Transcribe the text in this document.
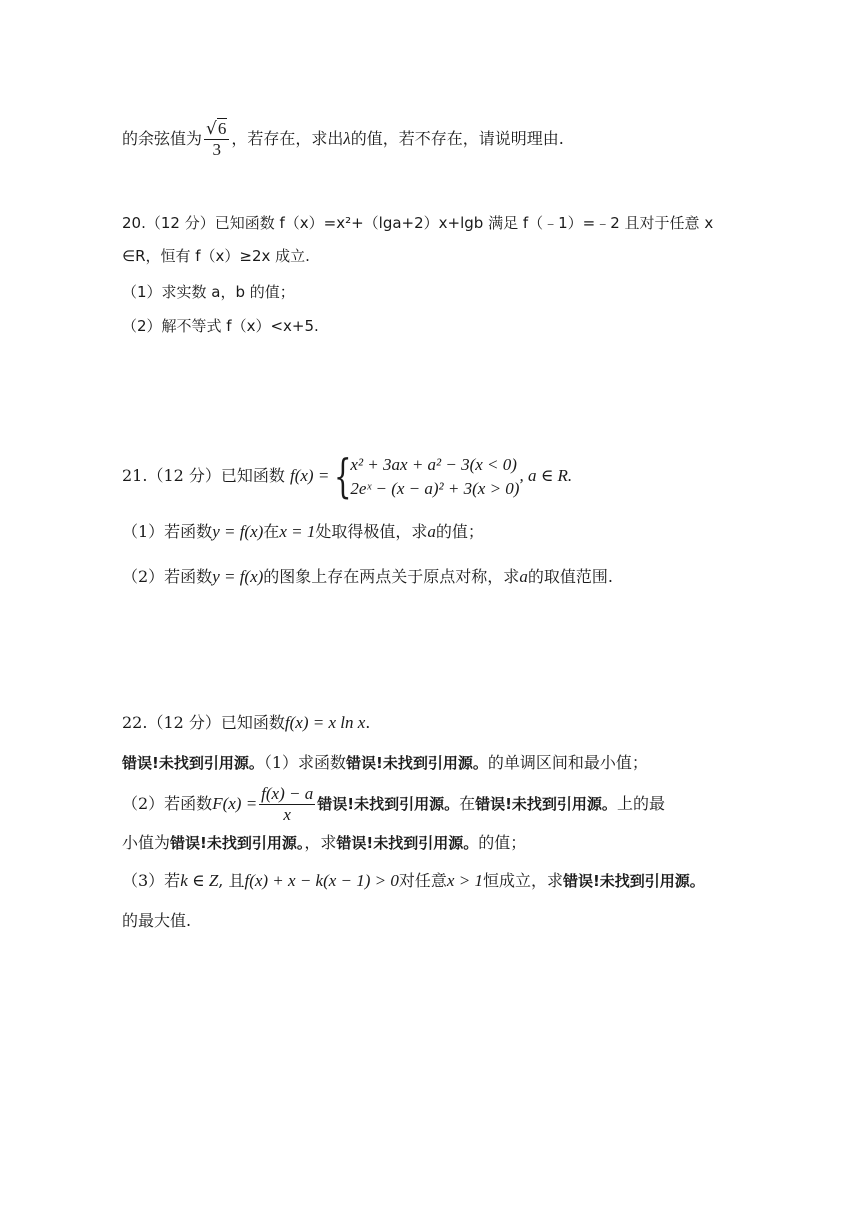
的余弦值为 $\frac{√6}{3}$ ，若存在，求出λ的值，若不存在，请说明理由.
20.（12 分）已知函数 f（x）=x²+（lga+2）x+lgb 满足 f（﹣1）=﹣2 且对于任意 x
∈R，恒有 f（x）≥2x 成立.
（1）求实数 a，b 的值；
（2）解不等式 f（x）<x+5.
21.（12 分）已知函数 f(x) = {
x² + 3ax + a² − 3(x < 0)
2eˣ − (x − a)² + 3(x > 0)
, a ∈ R.
（1）若函数y = f(x)在x = 1处取得极值，求a的值；
（2）若函数y = f(x)的图象上存在两点关于原点对称，求a的取值范围.
22.（12 分）已知函数f(x) = x ln x.
错误!未找到引用源。（1）求函数错误!未找到引用源。的单调区间和最小值；
（2）若函数$F(x) = \frac{f(x) - a}{x}$ 错误!未找到引用源。在错误!未找到引用源。上的最
小值为错误!未找到引用源。，求错误!未找到引用源。的值；
（3）若k ∈ Z, 且f(x) + x − k(x − 1) > 0对任意x > 1恒成立，求错误!未找到引用源。
的最大值.
